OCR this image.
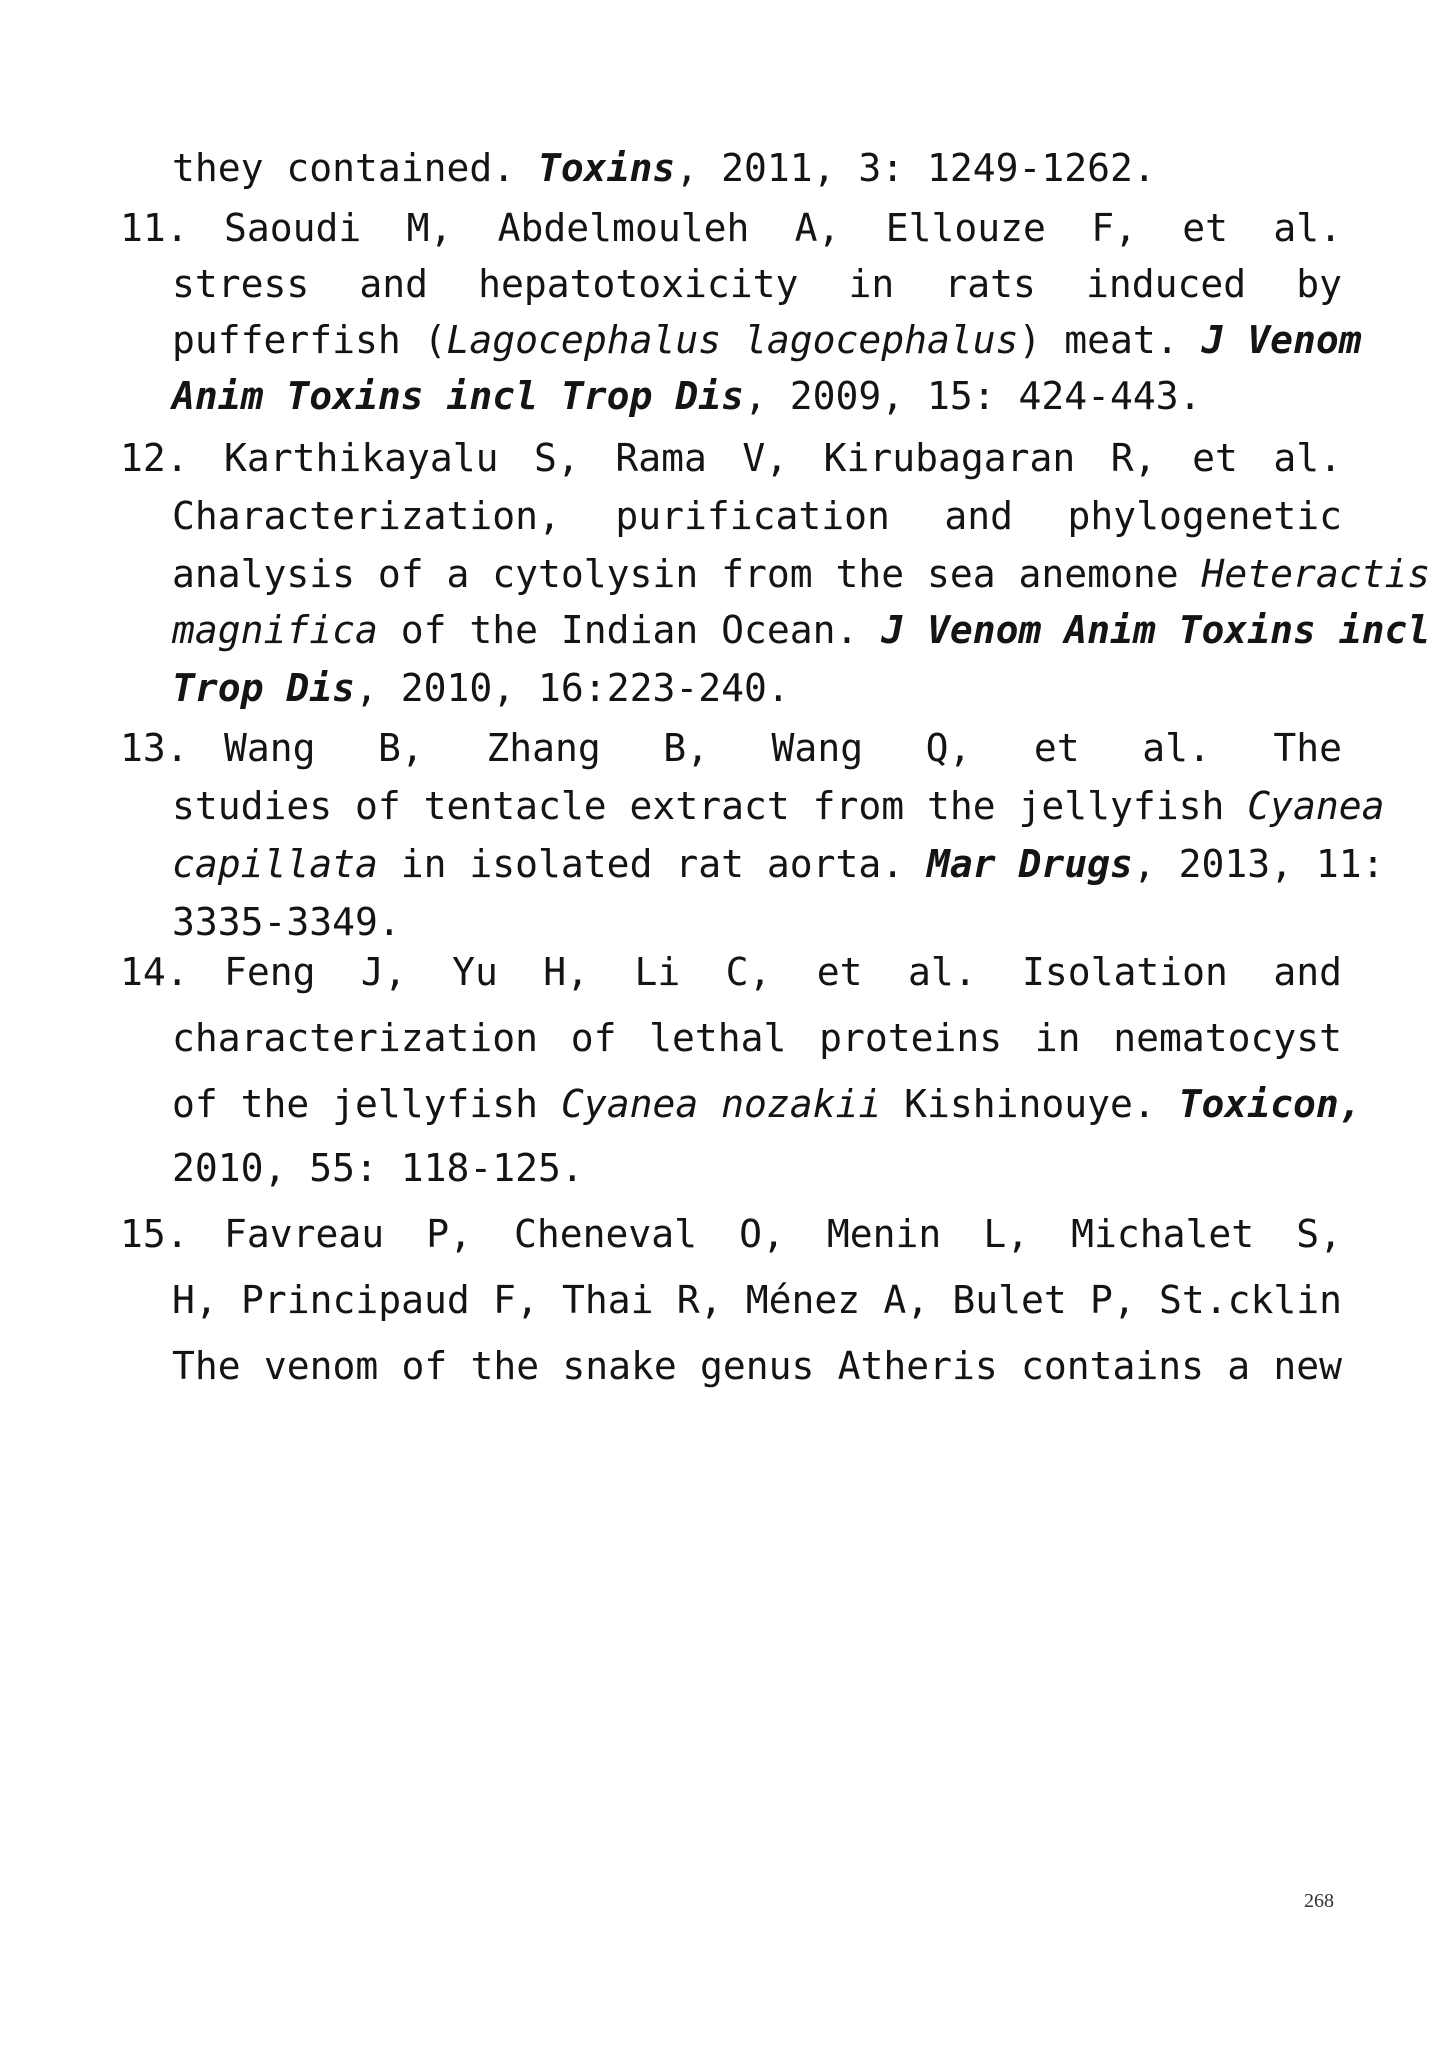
they contained. Toxins, 2011, 3: 1249-1262.
11. Saoudi M, Abdelmouleh A, Ellouze F, et al.
stress and hepatotoxicity in rats induced by
pufferfish (Lagocephalus lagocephalus) meat. J Venom
Anim Toxins incl Trop Dis, 2009, 15: 424-443.
12. Karthikayalu S, Rama V, Kirubagaran R, et al.
Characterization, purification and phylogenetic
analysis of a cytolysin from the sea anemone Heteractis
magnifica of the Indian Ocean. J Venom Anim Toxins incl
Trop Dis, 2010, 16:223-240.
13. Wang B, Zhang B, Wang Q, et al. The
studies of tentacle extract from the jellyfish Cyanea
capillata in isolated rat aorta. Mar Drugs, 2013, 11:
3335-3349.
14. Feng J, Yu H, Li C, et al. Isolation and
characterization of lethal proteins in nematocyst
of the jellyfish Cyanea nozakii Kishinouye. Toxicon,
2010, 55: 118-125.
15. Favreau P, Cheneval O, Menin L, Michalet S,
H, Principaud F, Thai R, Ménez A, Bulet P, St.cklin
The venom of the snake genus Atheris contains a new
268
